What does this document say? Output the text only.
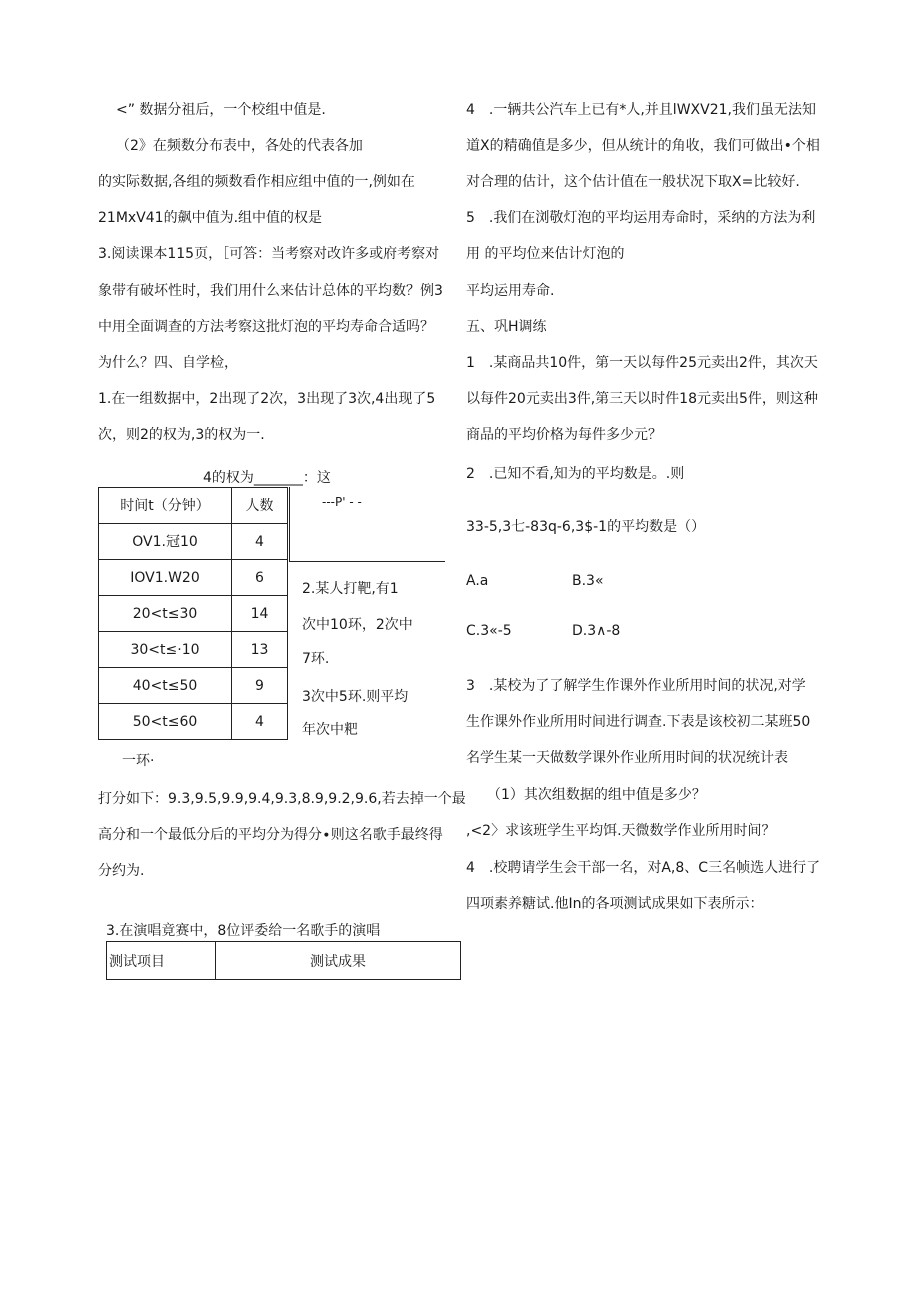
<” 数据分祖后，一个校组中值是.
（2》在频数分布表中，各处的代表各加
的实际数据,各组的频数看作相应组中值的一,例如在
21MxV41的飙中值为.组中值的权是
3.阅读课本115页，［可答：当考察对改许多或府考察对
象带有破坏性时，我们用什么来估计总体的平均数？例3
中用全面调查的方法考察这批灯泡的平均寿命合适吗？
为什么？四、自学检，
1.在一组数据中，2出现了2次，3出现了3次,4出现了5
次，则2的权为,3的权为一.
4的权为_______：这
---P' - -
时间t（分钟）	人数
OV1.冠10	4
IOV1.W20	6
20<t≤30	14
30<t≤·10	13
40<t≤50	9
50<t≤60	4
2.某人打靶,有1
次中10环，2次中
7环.
3次中5环.则平均
年次中粑
一环·
打分如下：9.3,9.5,9.9,9.4,9.3,8.9,9.2,9.6,若去掉一个最
高分和一个最低分后的平均分为得分∙则这名歌手最终得
分约为.
3.在演唱竟赛中，8位评委给一名歌手的演唱
测试项目	测试成果
4　.一辆共公汽车上已有*人,并且lWXV21,我们虽无法知
道X的精确值是多少，但从统计的角收，我们可做出•个相
对合理的估计，这个估计值在一般状况下取X=比较好.
5　.我们在浏敬灯泡的平均运用寿命时，采纳的方法为利
用 的平均位来估计灯泡的
平均运用寿命.
五、巩H调练
1　.某商品共10件，第一天以每件25元卖出2件，其次天
以每件20元卖出3件,第三天以时件18元卖出5件，则这种
商品的平均价格为每件多少元？
2　.已知不看,知为的平均数是。.则
33-5,3七-83q-6,3$-1的平均数是（）
A.a	B.3«
C.3«-5	D.3∧-8
3　.某校为了了解学生作课外作业所用时间的状况,对学
生作课外作业所用时间进行调查.下表是该校初二某班50
名学生某一天做数学课外作业所用时间的状况统计表
（1）其次组数据的组中值是多少？
,<2〉求该班学生平均饵.天微数学作业所用时间？
4　.校聘请学生会干部一名，对A,8、C三名帧选人进行了
四项素养糖试.他In的各项测试成果如下表所示：
